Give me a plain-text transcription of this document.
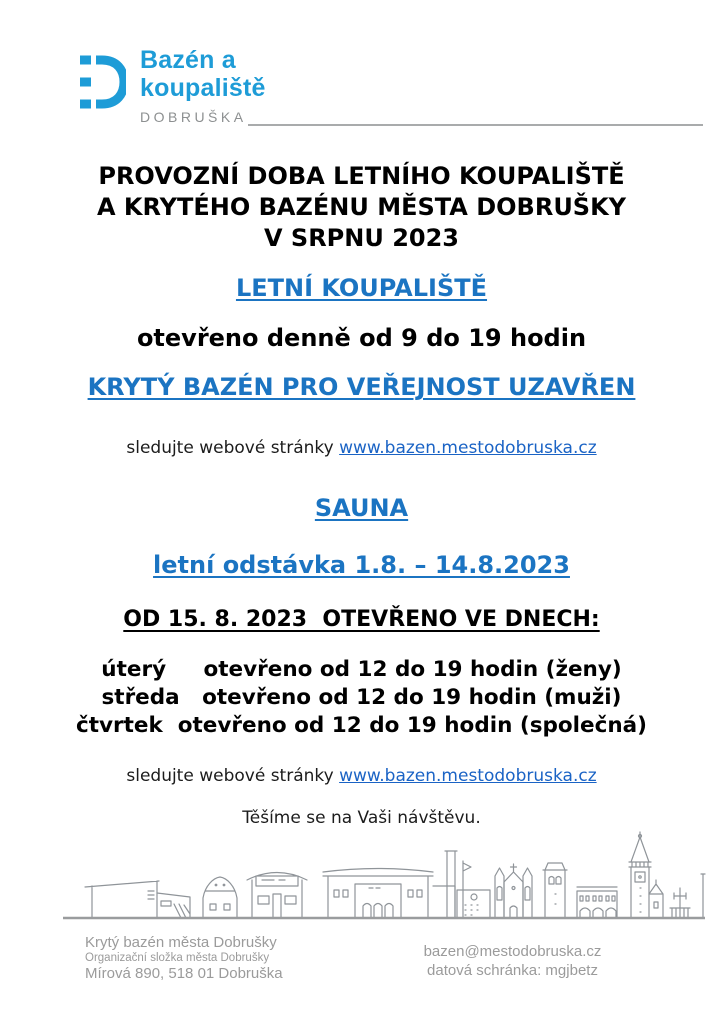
Bazén a
koupaliště
DOBRUŠKA
PROVOZNÍ DOBA LETNÍHO KOUPALIŠTĚ
A KRYTÉHO BAZÉNU MĚSTA DOBRUŠKY
V SRPNU 2023
LETNÍ KOUPALIŠTĚ
otevřeno denně od 9 do 19 hodin
KRYTÝ BAZÉN PRO VEŘEJNOST UZAVŘEN
sledujte webové stránky www.bazen.mestodobruska.cz
SAUNA
letní odstávka 1.8. – 14.8.2023
OD 15. 8. 2023  OTEVŘENO VE DNECH:
úterý     otevřeno od 12 do 19 hodin (ženy)
středa   otevřeno od 12 do 19 hodin (muži)
čtvrtek  otevřeno od 12 do 19 hodin (společná)
sledujte webové stránky www.bazen.mestodobruska.cz
Těšíme se na Vaši návštěvu.
Krytý bazén města Dobrušky
Organizační složka města Dobrušky
Mírová 890, 518 01 Dobruška
bazen@mestodobruska.cz
datová schránka: mgjbetz
